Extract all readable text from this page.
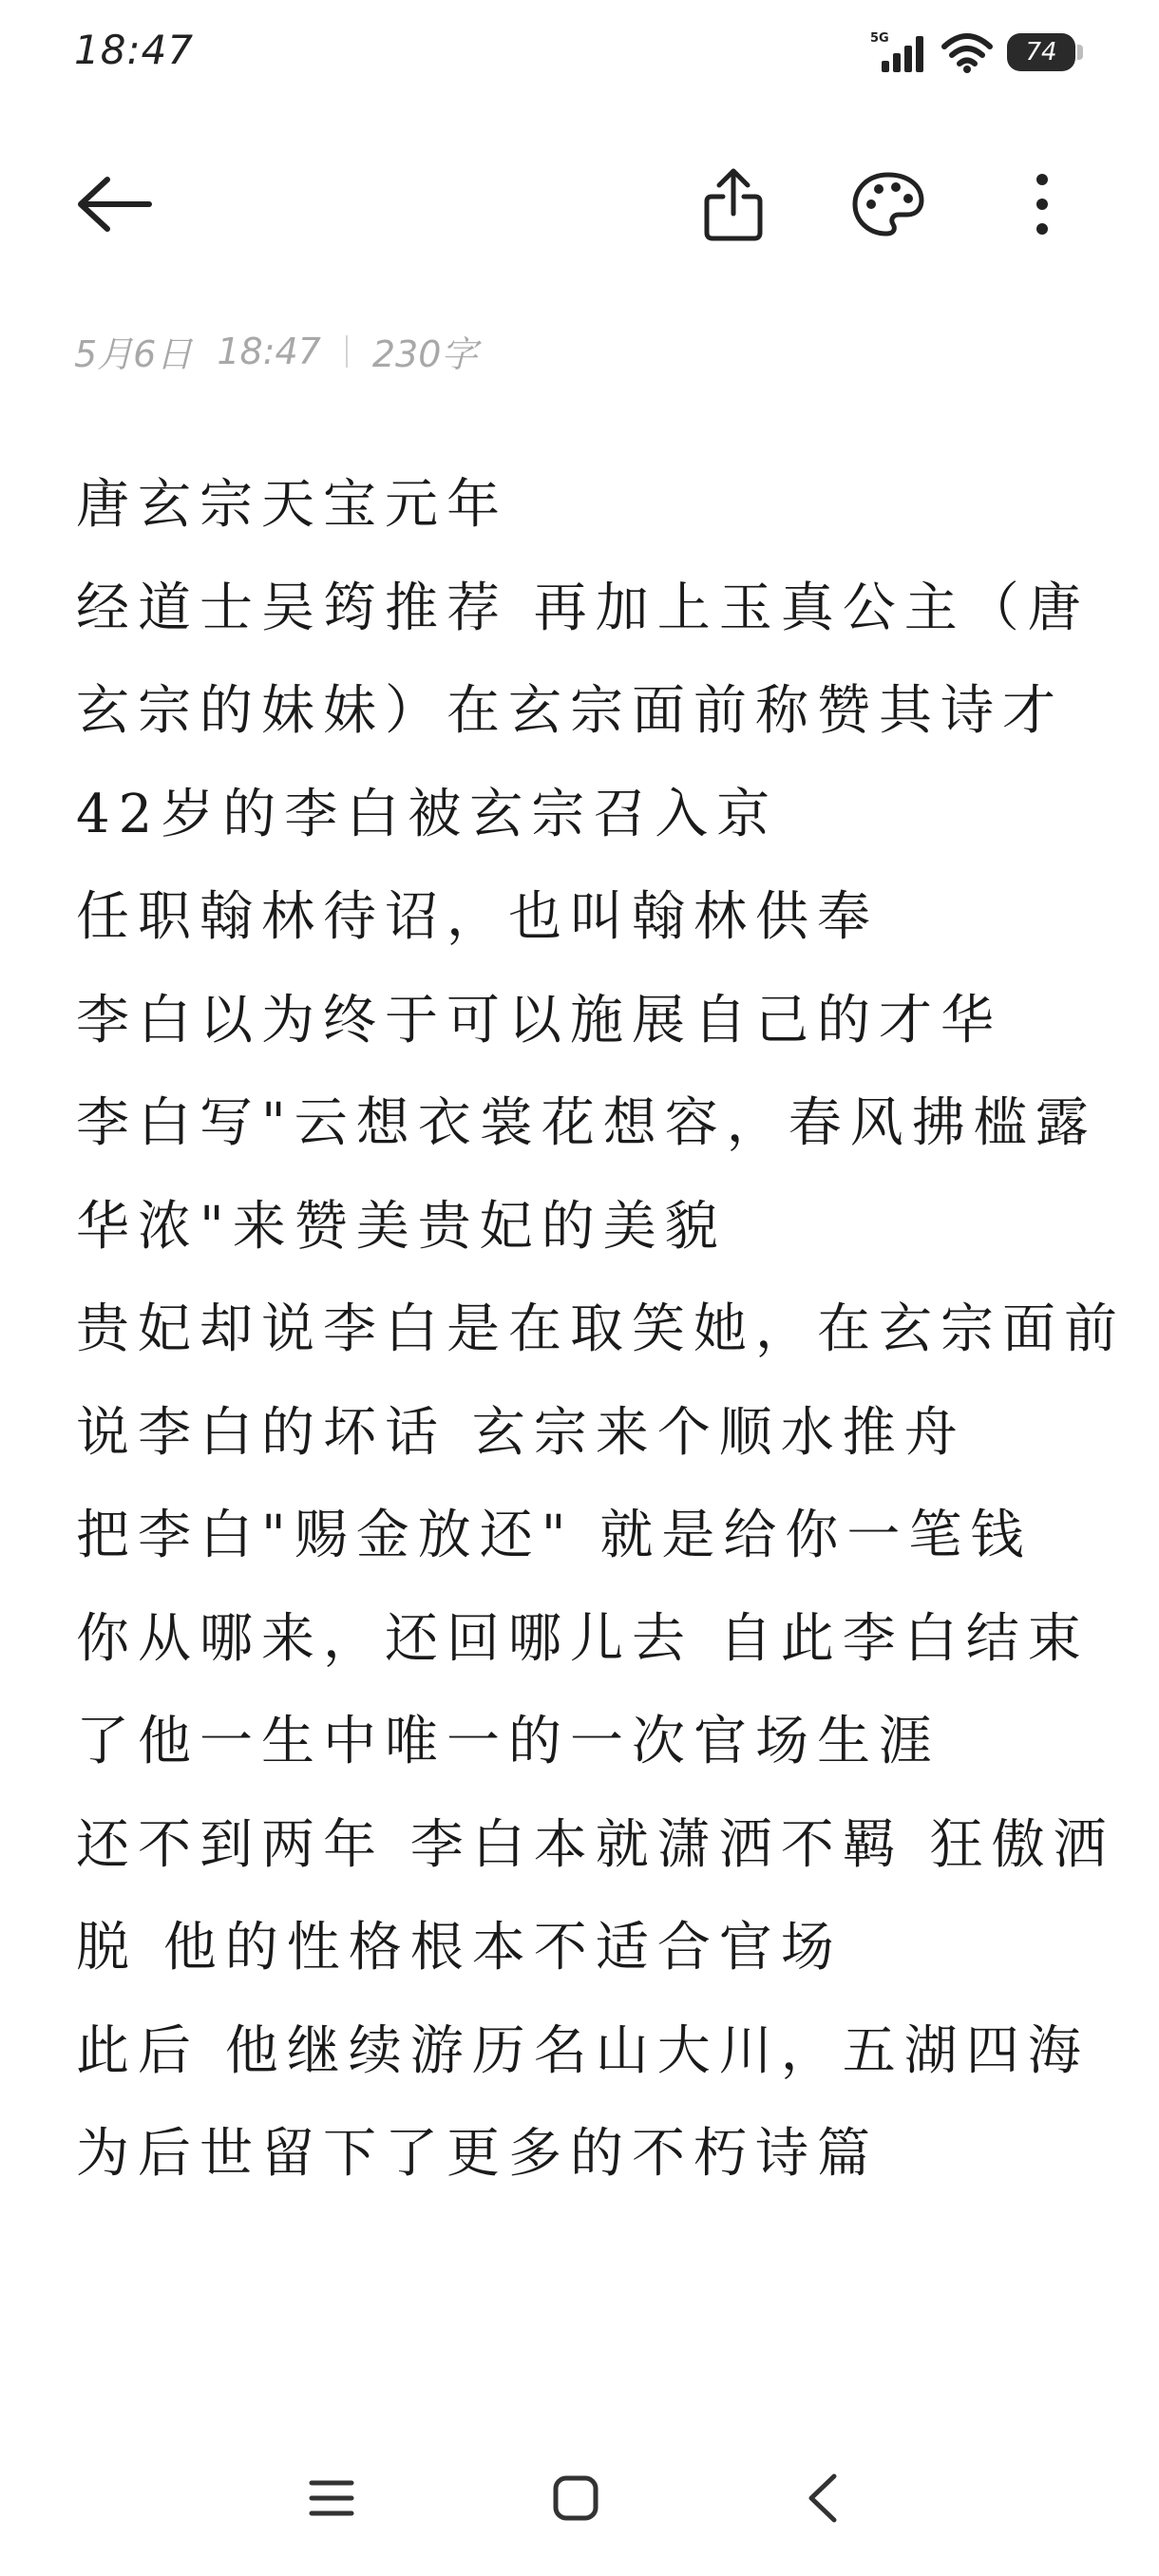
18:47	5G	74
5月6日 18:47 230字
唐玄宗天宝元年
经道士吴筠推荐 再加上玉真公主（唐
玄宗的妹妹）在玄宗面前称赞其诗才
42岁的李白被玄宗召入京
任职翰林待诏，也叫翰林供奉
李白以为终于可以施展自己的才华
李白写"云想衣裳花想容，春风拂槛露
华浓"来赞美贵妃的美貌
贵妃却说李白是在取笑她，在玄宗面前
说李白的坏话 玄宗来个顺水推舟
把李白"赐金放还" 就是给你一笔钱
你从哪来，还回哪儿去 自此李白结束
了他一生中唯一的一次官场生涯
还不到两年 李白本就潇洒不羁 狂傲洒
脱 他的性格根本不适合官场
此后 他继续游历名山大川，五湖四海
为后世留下了更多的不朽诗篇
